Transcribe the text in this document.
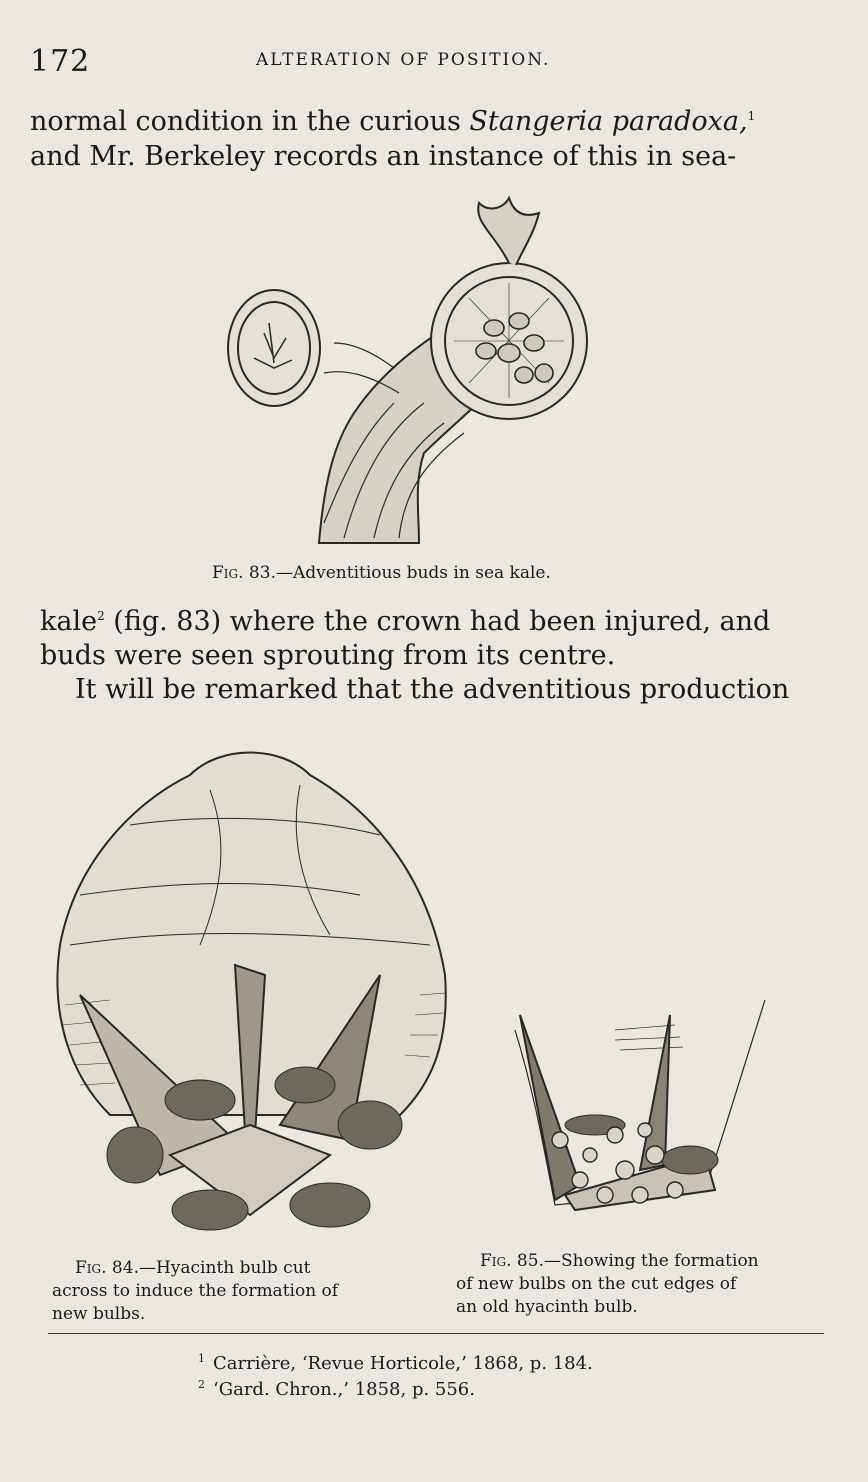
172	ALTERATION OF POSITION.
normal condition in the curious Stangeria paradoxa,$^1$
and Mr. Berkeley records an instance of this in sea-
Fig. 83.—Adventitious buds in sea kale.
kale$^2$ (fig. 83) where the crown had been injured, and
buds were seen sprouting from its centre.
It will be remarked that the adventitious production
Fig. 84.—Hyacinth bulb cut
across to induce the formation of
new bulbs.
Fig. 85.—Showing the formation
of new bulbs on the cut edges of
an old hyacinth bulb.
$^1$ Carrière, ‘Revue Horticole,’ 1868, p. 184.
$^2$ ‘Gard. Chron.,’ 1858, p. 556.
